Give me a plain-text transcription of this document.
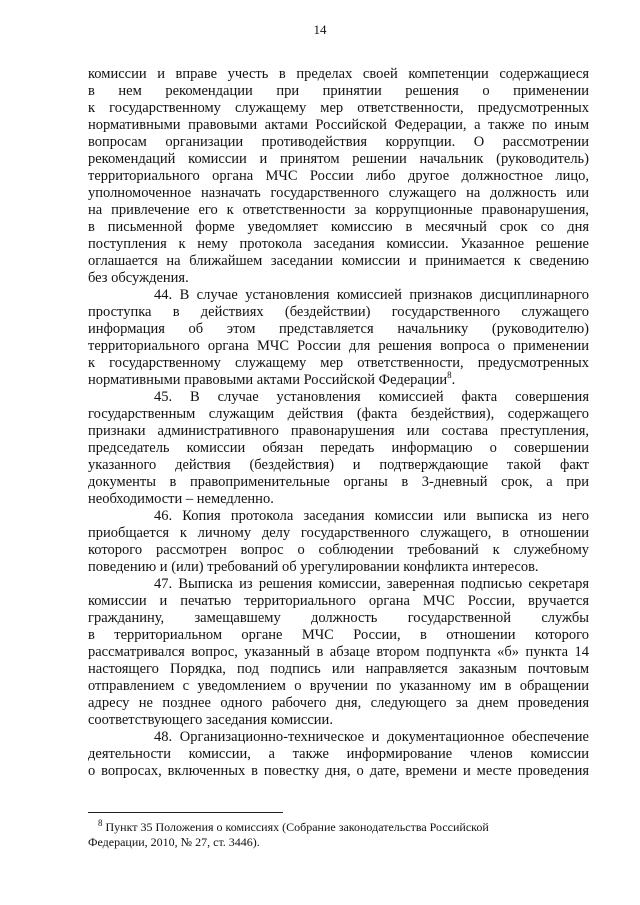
14
комиссии и вправе учесть в пределах своей компетенции содержащиеся
в нем рекомендации при принятии решения о применении
к государственному служащему мер ответственности, предусмотренных
нормативными правовыми актами Российской Федерации, а также по иным
вопросам организации противодействия коррупции. О рассмотрении
рекомендаций комиссии и принятом решении начальник (руководитель)
территориального органа МЧС России либо другое должностное лицо,
уполномоченное назначать государственного служащего на должность или
на привлечение его к ответственности за коррупционные правонарушения,
в письменной форме уведомляет комиссию в месячный срок со дня
поступления к нему протокола заседания комиссии. Указанное решение
оглашается на ближайшем заседании комиссии и принимается к сведению
без обсуждения.
44. В случае установления комиссией признаков дисциплинарного
проступка в действиях (бездействии) государственного служащего
информация об этом представляется начальнику (руководителю)
территориального органа МЧС России для решения вопроса о применении
к государственному служащему мер ответственности, предусмотренных
нормативными правовыми актами Российской Федерации$^8$.
45. В случае установления комиссией факта совершения
государственным служащим действия (факта бездействия), содержащего
признаки административного правонарушения или состава преступления,
председатель комиссии обязан передать информацию о совершении
указанного действия (бездействия) и подтверждающие такой факт
документы в правоприменительные органы в 3-дневный срок, а при
необходимости – немедленно.
46. Копия протокола заседания комиссии или выписка из него
приобщается к личному делу государственного служащего, в отношении
которого рассмотрен вопрос о соблюдении требований к служебному
поведению и (или) требований об урегулировании конфликта интересов.
47. Выписка из решения комиссии, заверенная подписью секретаря
комиссии и печатью территориального органа МЧС России, вручается
гражданину, замещавшему должность государственной службы
в территориальном органе МЧС России, в отношении которого
рассматривался вопрос, указанный в абзаце втором подпункта «б» пункта 14
настоящего Порядка, под подпись или направляется заказным почтовым
отправлением с уведомлением о вручении по указанному им в обращении
адресу не позднее одного рабочего дня, следующего за днем проведения
соответствующего заседания комиссии.
48. Организационно-техническое и документационное обеспечение
деятельности комиссии, а также информирование членов комиссии
о вопросах, включенных в повестку дня, о дате, времени и месте проведения
$^8$ Пункт 35 Положения о комиссиях (Собрание законодательства Российской
Федерации, 2010, № 27, ст. 3446).
